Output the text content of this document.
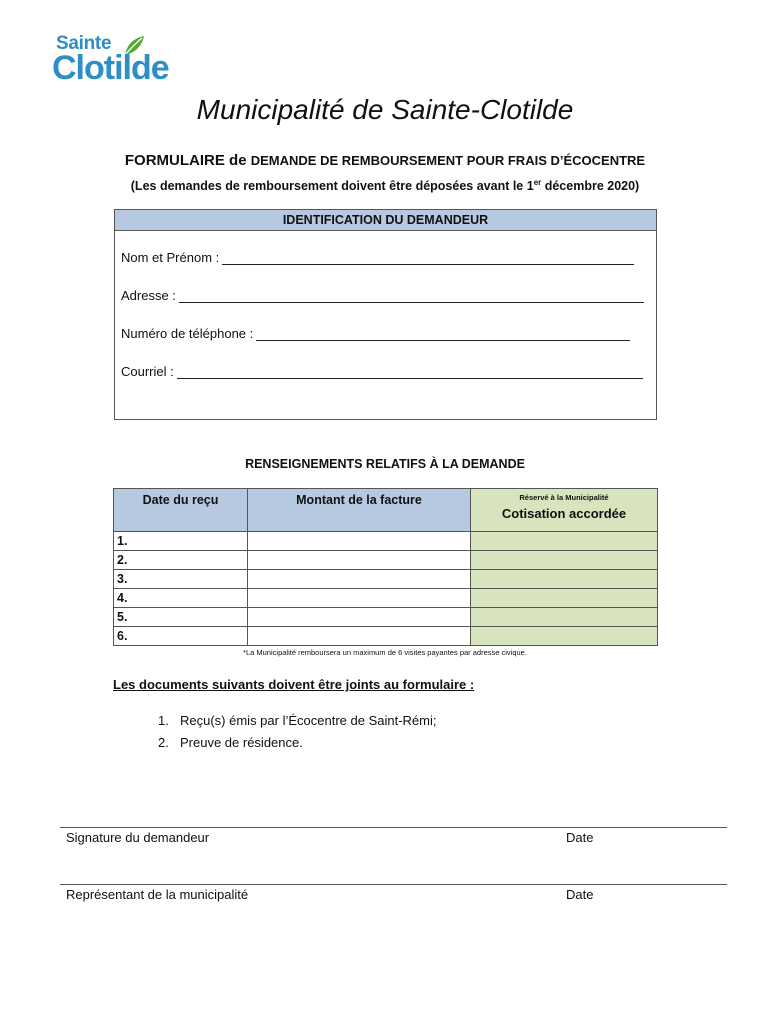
Sainte
Clotilde
Municipalité de Sainte-Clotilde
FORMULAIRE de DEMANDE DE REMBOURSEMENT POUR FRAIS D’ÉCOCENTRE
(Les demandes de remboursement doivent être déposées avant le 1er décembre 2020)
IDENTIFICATION DU DEMANDEUR
Nom et Prénom :
Adresse :
Numéro de téléphone :
Courriel :
RENSEIGNEMENTS RELATIFS À LA DEMANDE
Date du reçu	Montant de la facture	Réservé à la Municipalité
Cotisation accordée

1.		
2.		
3.		
4.		
5.		
6.		
*La Municipalité remboursera un maximum de 6 visites payantes par adresse civique.
Les documents suivants doivent être joints au formulaire :
1. Reçu(s) émis par l’Écocentre de Saint-Rémi;
2. Preuve de résidence.
Signature du demandeur	Date
Représentant de la municipalité	Date
